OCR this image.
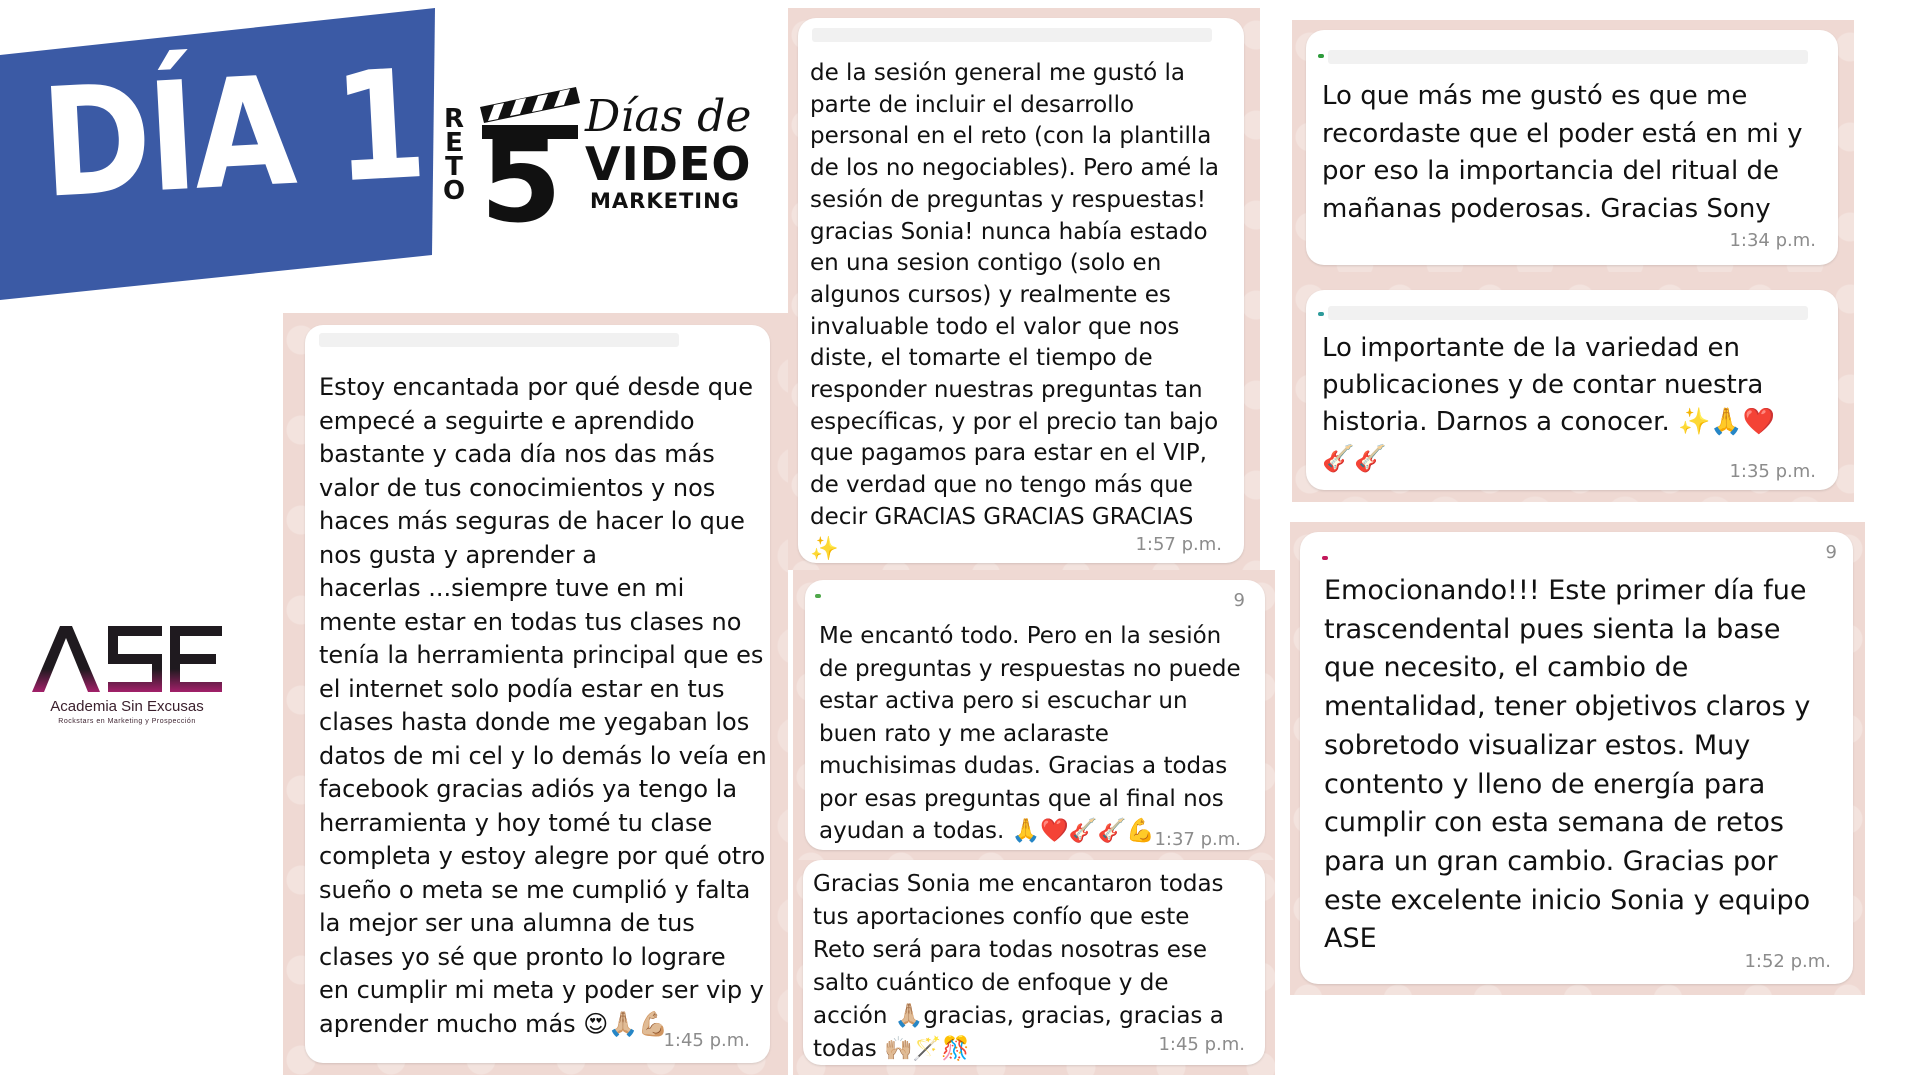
DÍA 1 R
E
T
O 5 Días de
VIDEO
MARKETING
Academia Sin Excusas
Rockstars en Marketing y Prospección
Estoy encantada por qué desde que
empecé a seguirte e aprendido
bastante y cada día nos das más
valor de tus conocimientos y nos
haces más seguras de hacer lo que
nos gusta y aprender a
hacerlas ...siempre tuve en mi
mente estar en todas tus clases no
tenía la herramienta principal que es
el internet solo podía estar en tus
clases hasta donde me yegaban los
datos de mi cel y lo demás lo veía en
facebook gracias adiós ya tengo la
herramienta y hoy tomé tu clase
completa y estoy alegre por qué otro
sueño o meta se me cumplió y falta
la mejor ser una alumna de tus
clases yo sé que pronto lo lograre
en cumplir mi meta y poder ser vip y
aprender mucho más 😍🙏🏼💪🏼
1:45 p.m.
de la sesión general me gustó la
parte de incluir el desarrollo
personal en el reto (con la plantilla
de los no negociables). Pero amé la
sesión de preguntas y respuestas!
gracias Sonia! nunca había estado
en una sesion contigo (solo en
algunos cursos) y realmente es
invaluable todo el valor que nos
diste, el tomarte el tiempo de
responder nuestras preguntas tan
específicas, y por el precio tan bajo
que pagamos para estar en el VIP,
de verdad que no tengo más que
decir GRACIAS GRACIAS GRACIAS
✨	1:57 p.m.
9
Me encantó todo. Pero en la sesión
de preguntas y respuestas no puede
estar activa pero si escuchar un
buen rato y me aclaraste
muchisimas dudas. Gracias a todas
por esas preguntas que al final nos
ayudan a todas. 🙏❤️🎸🎸💪 1:37 p.m.
Gracias Sonia me encantaron todas
tus aportaciones confío que este
Reto será para todas nosotras ese
salto cuántico de enfoque y de
acción 🙏🏼gracias, gracias, gracias a
todas 🙌🏼🪄🎊	1:45 p.m.
Lo que más me gustó es que me
recordaste que el poder está en mi y
por eso la importancia del ritual de
mañanas poderosas. Gracias Sony
1:34 p.m.
Lo importante de la variedad en
publicaciones y de contar nuestra
historia. Darnos a conocer. ✨🙏❤️
🎸🎸	1:35 p.m.
9
Emocionando!!! Este primer día fue
trascendental pues sienta la base
que necesito, el cambio de
mentalidad, tener objetivos claros y
sobretodo visualizar estos. Muy
contento y lleno de energía para
cumplir con esta semana de retos
para un gran cambio. Gracias por
este excelente inicio Sonia y equipo
ASE
1:52 p.m.
